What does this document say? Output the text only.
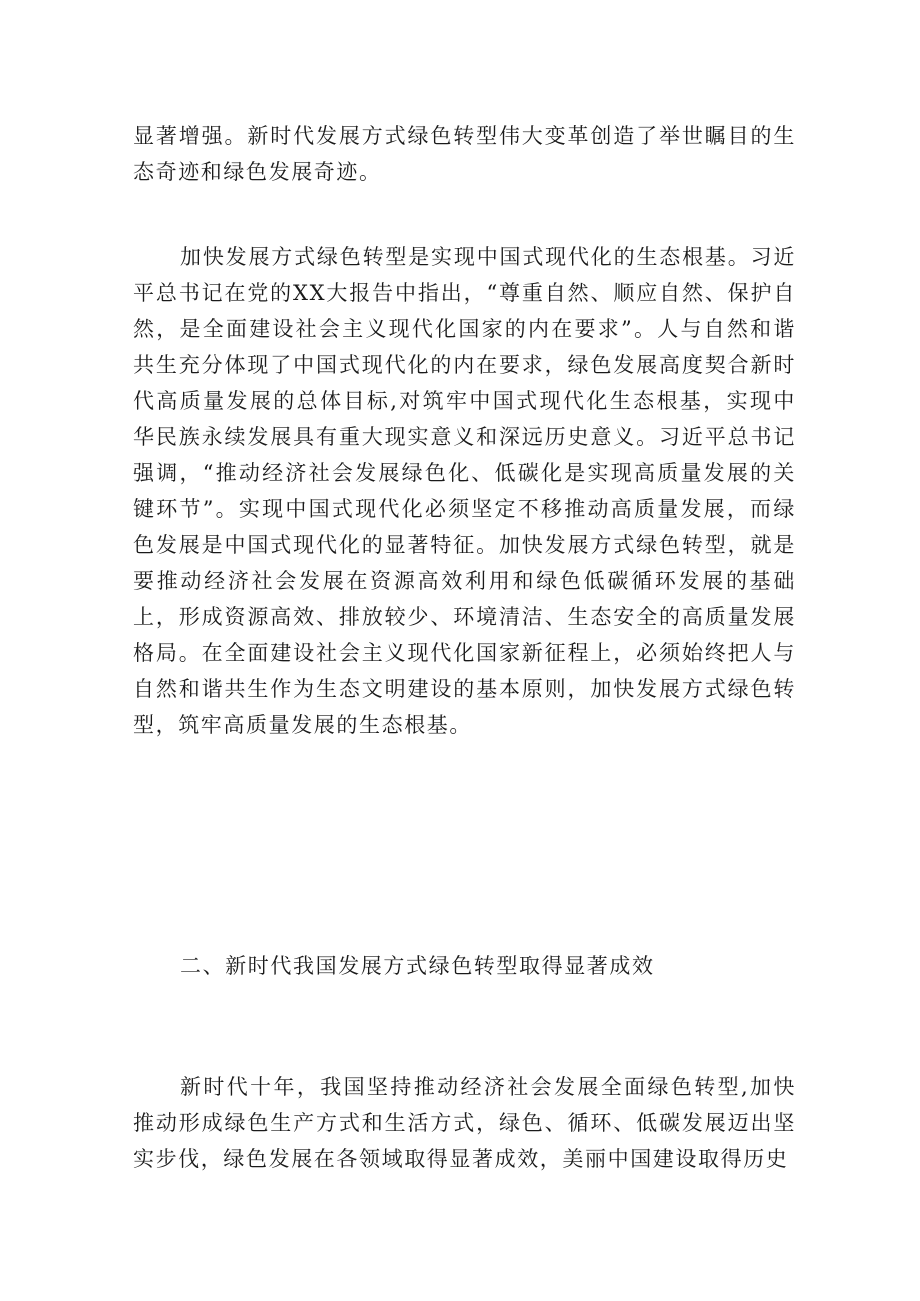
显著增强。新时代发展方式绿色转型伟大变革创造了举世瞩目的生态奇迹和绿色发展奇迹。

加快发展方式绿色转型是实现中国式现代化的生态根基。习近平总书记在党的XX大报告中指出，“尊重自然、顺应自然、保护自然，是全面建设社会主义现代化国家的内在要求”。人与自然和谐共生充分体现了中国式现代化的内在要求，绿色发展高度契合新时代高质量发展的总体目标,对筑牢中国式现代化生态根基，实现中华民族永续发展具有重大现实意义和深远历史意义。习近平总书记强调，“推动经济社会发展绿色化、低碳化是实现高质量发展的关键环节”。实现中国式现代化必须坚定不移推动高质量发展，而绿色发展是中国式现代化的显著特征。加快发展方式绿色转型，就是要推动经济社会发展在资源高效利用和绿色低碳循环发展的基础上，形成资源高效、排放较少、环境清洁、生态安全的高质量发展格局。在全面建设社会主义现代化国家新征程上，必须始终把人与自然和谐共生作为生态文明建设的基本原则，加快发展方式绿色转型，筑牢高质量发展的生态根基。

二、新时代我国发展方式绿色转型取得显著成效

新时代十年，我国坚持推动经济社会发展全面绿色转型,加快推动形成绿色生产方式和生活方式，绿色、循环、低碳发展迈出坚实步伐，绿色发展在各领域取得显著成效，美丽中国建设取得历史
